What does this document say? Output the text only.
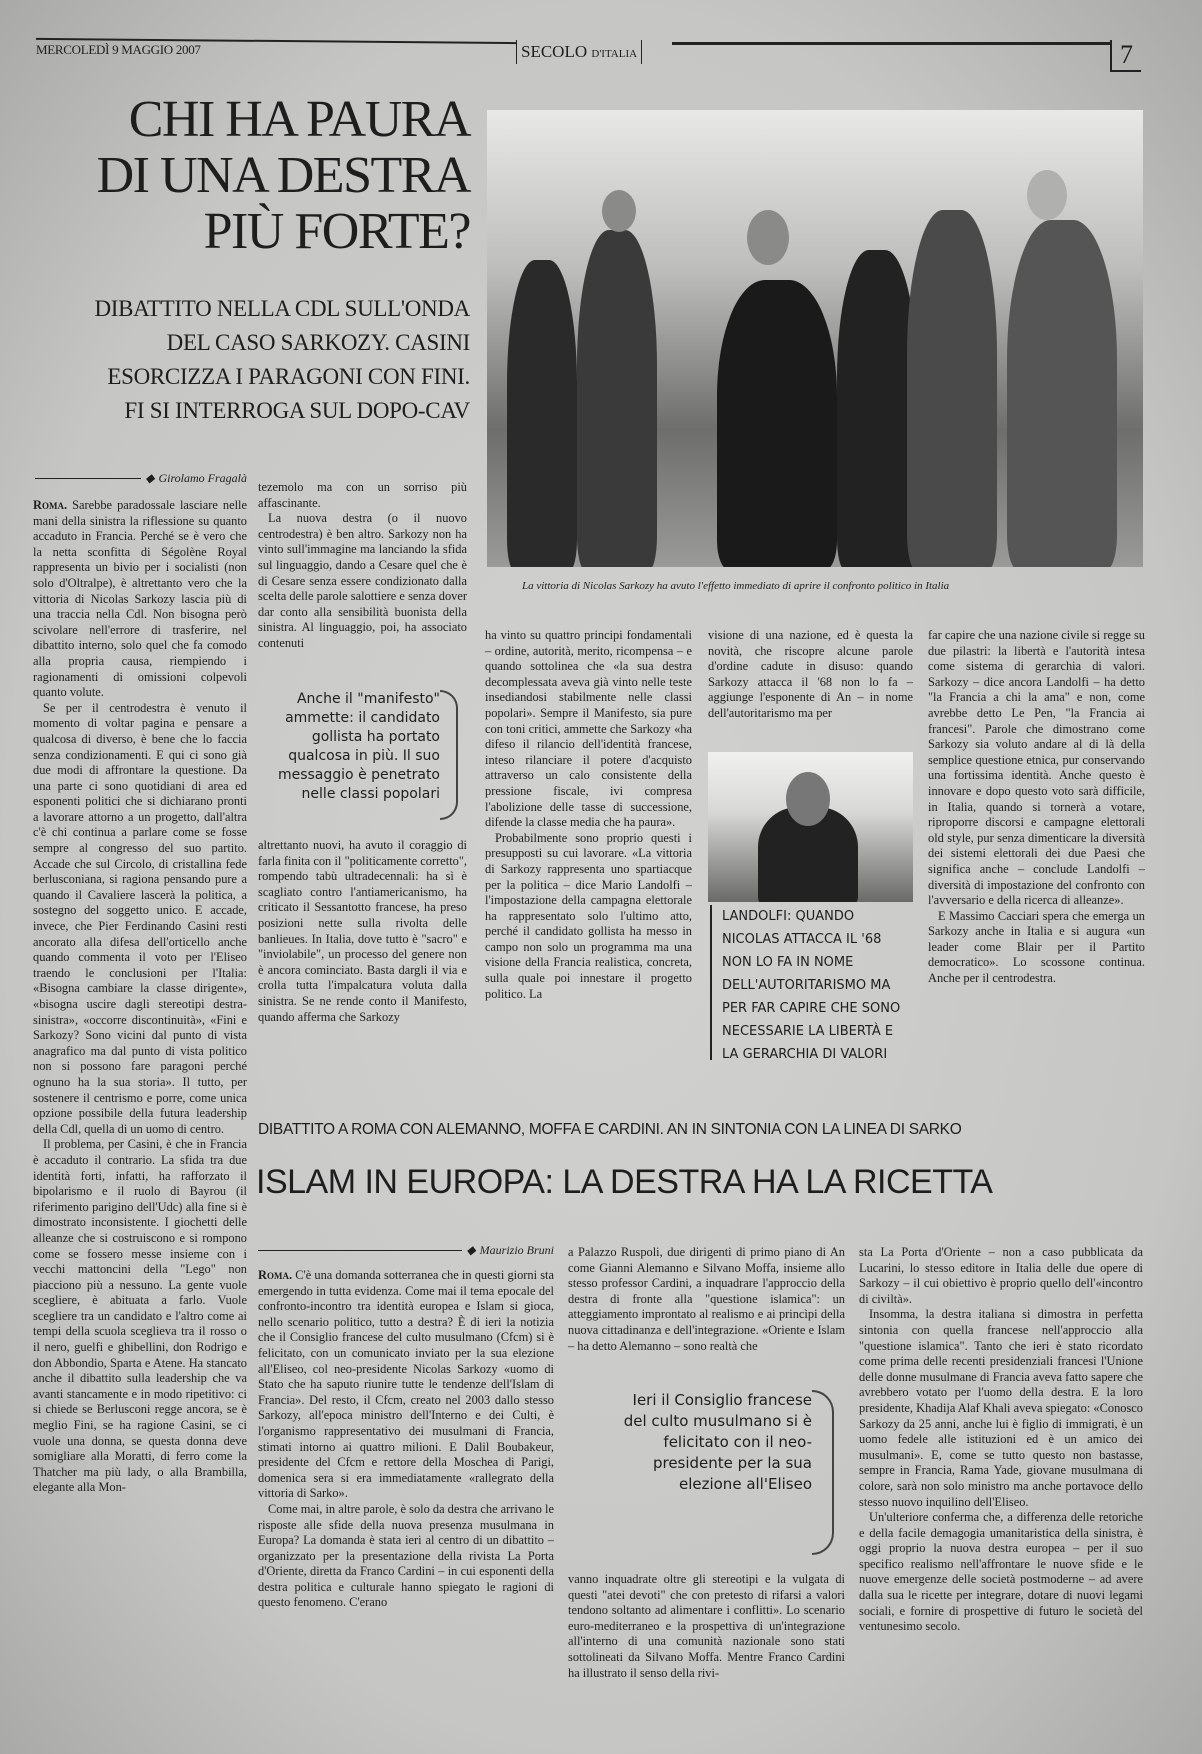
MERCOLEDÌ 9 MAGGIO 2007	SECOLO D'ITALIA	7
CHI HA PAURA
DI UNA DESTRA
PIÙ FORTE?
DIBATTITO NELLA CDL SULL'ONDA
DEL CASO SARKOZY. CASINI
ESORCIZZA I PARAGONI CON FINI.
FI SI INTERROGA SUL DOPO-CAV
La vittoria di Nicolas Sarkozy ha avuto l'effetto immediato di aprire il confronto politico in Italia
◆ Girolamo Fragalà

Roma. Sarebbe paradossale lasciare nelle mani della sinistra la riflessione su quanto accaduto in Francia. Perché se è vero che la netta sconfitta di Ségolène Royal rappresenta un bivio per i socialisti (non solo d'Oltralpe), è altrettanto vero che la vittoria di Nicolas Sarkozy lascia più di una traccia nella Cdl. Non bisogna però scivolare nell'errore di trasferire, nel dibattito interno, solo quel che fa comodo alla propria causa, riempiendo i ragionamenti di omissioni colpevoli quanto volute.

Se per il centrodestra è venuto il momento di voltar pagina e pensare a qualcosa di diverso, è bene che lo faccia senza condizionamenti. E qui ci sono già due modi di affrontare la questione. Da una parte ci sono quotidiani di area ed esponenti politici che si dichiarano pronti a lavorare attorno a un progetto, dall'altra c'è chi continua a parlare come se fosse sempre al congresso del suo partito. Accade che sul Circolo, di cristallina fede berlusconiana, si ragiona pensando pure a quando il Cavaliere lascerà la politica, a sostegno del soggetto unico. E accade, invece, che Pier Ferdinando Casini resti ancorato alla difesa dell'orticello anche quando commenta il voto per l'Eliseo traendo le conclusioni per l'Italia: «Bisogna cambiare la classe dirigente», «bisogna uscire dagli stereotipi destra-sinistra», «occorre discontinuità», «Fini e Sarkozy? Sono vicini dal punto di vista anagrafico ma dal punto di vista politico non si possono fare paragoni perché ognuno ha la sua storia». Il tutto, per sostenere il centrismo e porre, come unica opzione possibile della futura leadership della Cdl, quella di un uomo di centro.

Il problema, per Casini, è che in Francia è accaduto il contrario. La sfida tra due identità forti, infatti, ha rafforzato il bipolarismo e il ruolo di Bayrou (il riferimento parigino dell'Udc) alla fine si è dimostrato inconsistente. I giochetti delle alleanze che si costruiscono e si rompono come se fossero messe insieme con i vecchi mattoncini della "Lego" non piacciono più a nessuno. La gente vuole scegliere, è abituata a farlo. Vuole scegliere tra un candidato e l'altro come ai tempi della scuola sceglieva tra il rosso o il nero, guelfi e ghibellini, don Rodrigo e don Abbondio, Sparta e Atene. Ha stancato anche il dibattito sulla leadership che va avanti stancamente e in modo ripetitivo: ci si chiede se Berlusconi regge ancora, se è meglio Fini, se ha ragione Casini, se ci vuole una donna, se questa donna deve somigliare alla Moratti, di ferro come la Thatcher ma più lady, o alla Brambilla, elegante alla Mon-

tezemolo ma con un sorriso più affascinante.

La nuova destra (o il nuovo centrodestra) è ben altro. Sarkozy non ha vinto sull'immagine ma lanciando la sfida sul linguaggio, dando a Cesare quel che è di Cesare senza essere condizionato dalla scelta delle parole salottiere e senza dover dar conto alla sensibilità buonista della sinistra. Al linguaggio, poi, ha associato contenuti

Anche il "manifesto" ammette: il candidato gollista ha portato qualcosa in più. Il suo messaggio è penetrato nelle classi popolari

altrettanto nuovi, ha avuto il coraggio di farla finita con il "politicamente corretto", rompendo tabù ultradecennali: ha sì è scagliato contro l'antiamericanismo, ha criticato il Sessantotto francese, ha preso posizioni nette sulla rivolta delle banlieues. In Italia, dove tutto è "sacro" e "inviolabile", un processo del genere non è ancora cominciato. Basta dargli il via e crolla tutta l'impalcatura voluta dalla sinistra. Se ne rende conto il Manifesto, quando afferma che Sarkozy

ha vinto su quattro principi fondamentali – ordine, autorità, merito, ricompensa – e quando sottolinea che «la sua destra decomplessata aveva già vinto nelle teste insediandosi stabilmente nelle classi popolari». Sempre il Manifesto, sia pure con toni critici, ammette che Sarkozy «ha difeso il rilancio dell'identità francese, inteso rilanciare il potere d'acquisto attraverso un calo consistente della pressione fiscale, ivi compresa l'abolizione delle tasse di successione, difende la classe media che ha paura».

Probabilmente sono proprio questi i presupposti su cui lavorare. «La vittoria di Sarkozy rappresenta uno spartiacque per la politica – dice Mario Landolfi – l'impostazione della campagna elettorale ha rappresentato solo l'ultimo atto, perché il candidato gollista ha messo in campo non solo un programma ma una visione della Francia realistica, concreta, sulla quale poi innestare il progetto politico. La

visione di una nazione, ed è questa la novità, che riscopre alcune parole d'ordine cadute in disuso: quando Sarkozy attacca il '68 non lo fa – aggiunge l'esponente di An – in nome dell'autoritarismo ma per

LANDOLFI: QUANDO NICOLAS ATTACCA IL '68 NON LO FA IN NOME DELL'AUTORITARISMO MA PER FAR CAPIRE CHE SONO NECESSARIE LA LIBERTÀ E LA GERARCHIA DI VALORI

far capire che una nazione civile si regge su due pilastri: la libertà e l'autorità intesa come sistema di gerarchia di valori. Sarkozy – dice ancora Landolfi – ha detto "la Francia a chi la ama" e non, come avrebbe detto Le Pen, "la Francia ai francesi". Parole che dimostrano come Sarkozy sia voluto andare al di là della semplice questione etnica, pur conservando una fortissima identità. Anche questo è innovare e dopo questo voto sarà difficile, in Italia, quando si tornerà a votare, riproporre discorsi e campagne elettorali old style, pur senza dimenticare la diversità dei sistemi elettorali dei due Paesi che significa anche – conclude Landolfi – diversità di impostazione del confronto con l'avversario e della ricerca di alleanze».

E Massimo Cacciari spera che emerga un Sarkozy anche in Italia e si augura «un leader come Blair per il Partito democratico». Lo scossone continua. Anche per il centrodestra.

DIBATTITO A ROMA CON ALEMANNO, MOFFA E CARDINI. AN IN SINTONIA CON LA LINEA DI SARKO
ISLAM IN EUROPA: LA DESTRA HA LA RICETTA
◆ Maurizio Bruni

Roma. C'è una domanda sotterranea che in questi giorni sta emergendo in tutta evidenza. Come mai il tema epocale del confronto-incontro tra identità europea e Islam si gioca, nello scenario politico, tutto a destra? È di ieri la notizia che il Consiglio francese del culto musulmano (Cfcm) si è felicitato, con un comunicato inviato per la sua elezione all'Eliseo, col neo-presidente Nicolas Sarkozy «uomo di Stato che ha saputo riunire tutte le tendenze dell'Islam di Francia». Del resto, il Cfcm, creato nel 2003 dallo stesso Sarkozy, all'epoca ministro dell'Interno e dei Culti, è l'organismo rappresentativo dei musulmani di Francia, stimati intorno ai quattro milioni. E Dalil Boubakeur, presidente del Cfcm e rettore della Moschea di Parigi, domenica sera si era immediatamente «rallegrato della vittoria di Sarko».

Come mai, in altre parole, è solo da destra che arrivano le risposte alle sfide della nuova presenza musulmana in Europa? La domanda è stata ieri al centro di un dibattito – organizzato per la presentazione della rivista La Porta d'Oriente, diretta da Franco Cardini – in cui esponenti della destra politica e culturale hanno spiegato le ragioni di questo fenomeno. C'erano

a Palazzo Ruspoli, due dirigenti di primo piano di An come Gianni Alemanno e Silvano Moffa, insieme allo stesso professor Cardini, a inquadrare l'approccio della destra di fronte alla "questione islamica": un atteggiamento improntato al realismo e ai princìpi della nuova cittadinanza e dell'integrazione. «Oriente e Islam – ha detto Alemanno – sono realtà che

Ieri il Consiglio francese del culto musulmano si è felicitato con il neo-presidente per la sua elezione all'Eliseo

vanno inquadrate oltre gli stereotipi e la vulgata di questi "atei devoti" che con pretesto di rifarsi a valori tendono soltanto ad alimentare i conflitti». Lo scenario euro-mediterraneo e la prospettiva di un'integrazione all'interno di una comunità nazionale sono stati sottolineati da Silvano Moffa. Mentre Franco Cardini ha illustrato il senso della rivi-

sta La Porta d'Oriente – non a caso pubblicata da Lucarini, lo stesso editore in Italia delle due opere di Sarkozy – il cui obiettivo è proprio quello dell'«incontro di civiltà».

Insomma, la destra italiana si dimostra in perfetta sintonia con quella francese nell'approccio alla "questione islamica". Tanto che ieri è stato ricordato come prima delle recenti presidenziali francesi l'Unione delle donne musulmane di Francia aveva fatto sapere che avrebbero votato per l'uomo della destra. E la loro presidente, Khadija Alaf Khali aveva spiegato: «Conosco Sarkozy da 25 anni, anche lui è figlio di immigrati, è un uomo fedele alle istituzioni ed è un amico dei musulmani». E, come se tutto questo non bastasse, sempre in Francia, Rama Yade, giovane musulmana di colore, sarà non solo ministro ma anche portavoce dello stesso nuovo inquilino dell'Eliseo.

Un'ulteriore conferma che, a differenza delle retoriche e della facile demagogia umanitaristica della sinistra, è oggi proprio la nuova destra europea – per il suo specifico realismo nell'affrontare le nuove sfide e le nuove emergenze delle società postmoderne – ad avere dalla sua le ricette per integrare, dotare di nuovi legami sociali, e fornire di prospettive di futuro le società del ventunesimo secolo.
